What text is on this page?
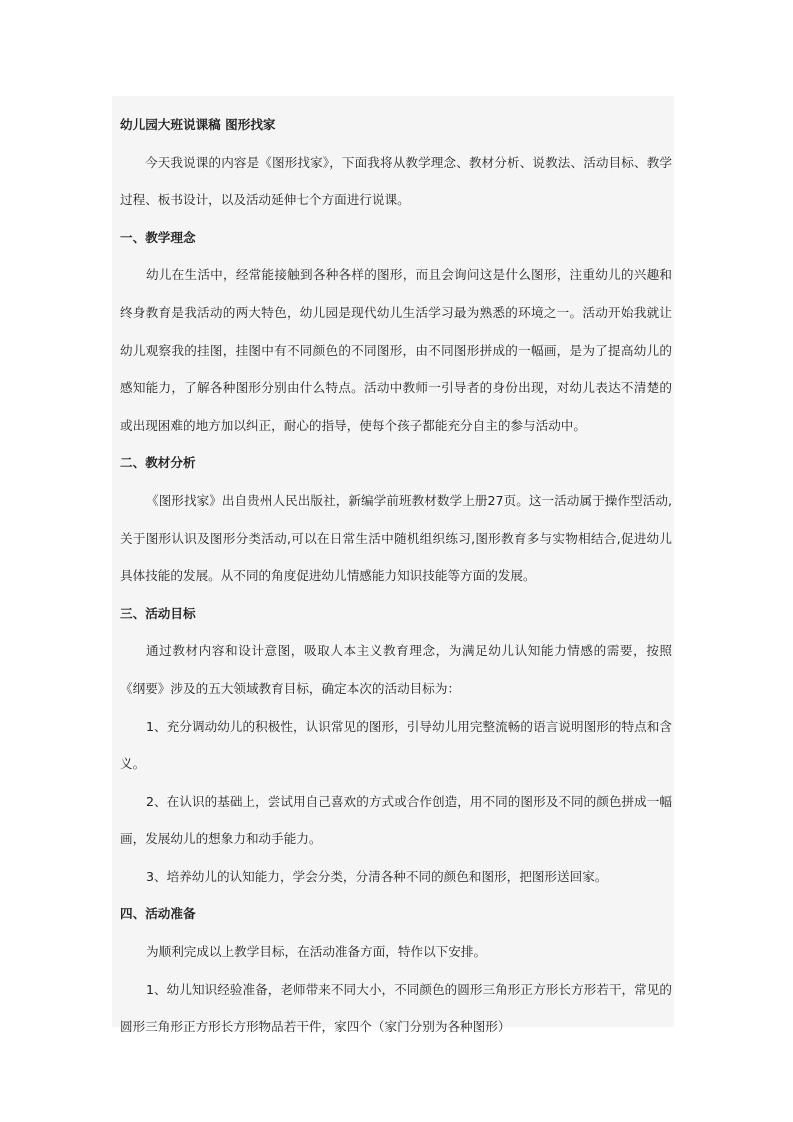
幼儿园大班说课稿 图形找家
今天我说课的内容是《图形找家》，下面我将从教学理念、教材分析、说教法、活动目标、教学过程、板书设计，以及活动延伸七个方面进行说课。
一、教学理念
幼儿在生活中，经常能接触到各种各样的图形，而且会询问这是什么图形，注重幼儿的兴趣和终身教育是我活动的两大特色，幼儿园是现代幼儿生活学习最为熟悉的环境之一。活动开始我就让幼儿观察我的挂图，挂图中有不同颜色的不同图形，由不同图形拼成的一幅画，是为了提高幼儿的感知能力，了解各种图形分别由什么特点。活动中教师一引导者的身份出现，对幼儿表达不清楚的或出现困难的地方加以纠正，耐心的指导，使每个孩子都能充分自主的参与活动中。
二、教材分析
《图形找家》出自贵州人民出版社，新编学前班教材数学上册27页。这一活动属于操作型活动,关于图形认识及图形分类活动,可以在日常生活中随机组织练习,图形教育多与实物相结合,促进幼儿具体技能的发展。从不同的角度促进幼儿情感能力知识技能等方面的发展。
三、活动目标
通过教材内容和设计意图，吸取人本主义教育理念，为满足幼儿认知能力情感的需要，按照《纲要》涉及的五大领域教育目标，确定本次的活动目标为：
1、充分调动幼儿的积极性，认识常见的图形，引导幼儿用完整流畅的语言说明图形的特点和含义。
2、在认识的基础上，尝试用自己喜欢的方式或合作创造，用不同的图形及不同的颜色拼成一幅画，发展幼儿的想象力和动手能力。
3、培养幼儿的认知能力，学会分类，分清各种不同的颜色和图形，把图形送回家。
四、活动准备
为顺利完成以上教学目标，在活动准备方面，特作以下安排。
1、幼儿知识经验准备，老师带来不同大小，不同颜色的圆形三角形正方形长方形若干，常见的圆形三角形正方形长方形物品若干件，家四个（家门分别为各种图形）
